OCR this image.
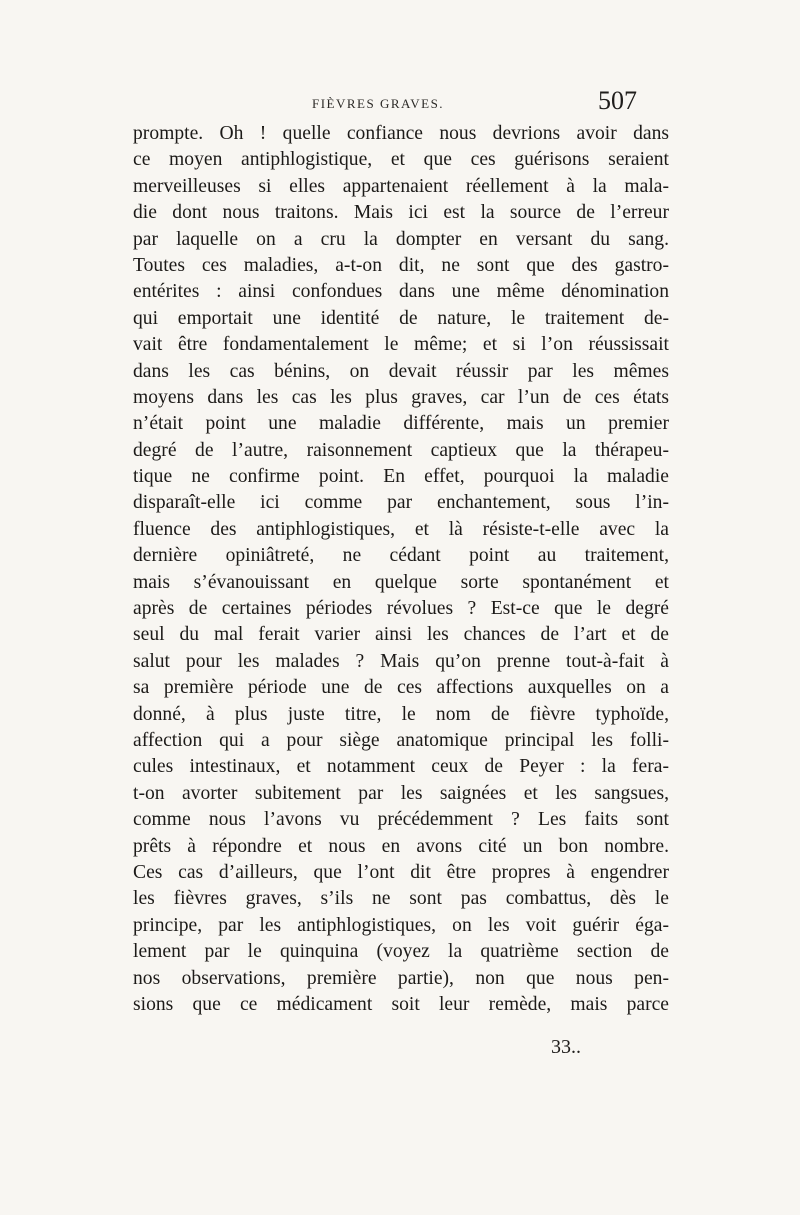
FIÈVRES GRAVES.	507
prompte. Oh ! quelle confiance nous devrions avoir dans
ce moyen antiphlogistique, et que ces guérisons seraient
merveilleuses si elles appartenaient réellement à la mala-
die dont nous traitons. Mais ici est la source de l’erreur
par laquelle on a cru la dompter en versant du sang.
Toutes ces maladies, a-t-on dit, ne sont que des gastro-
entérites : ainsi confondues dans une même dénomination
qui emportait une identité de nature, le traitement de-
vait être fondamentalement le même; et si l’on réussissait
dans les cas bénins, on devait réussir par les mêmes
moyens dans les cas les plus graves, car l’un de ces états
n’était point une maladie différente, mais un premier
degré de l’autre, raisonnement captieux que la thérapeu-
tique ne confirme point. En effet, pourquoi la maladie
disparaît-elle ici comme par enchantement, sous l’in-
fluence des antiphlogistiques, et là résiste-t-elle avec la
dernière opiniâtreté, ne cédant point au traitement,
mais s’évanouissant en quelque sorte spontanément et
après de certaines périodes révolues ? Est-ce que le degré
seul du mal ferait varier ainsi les chances de l’art et de
salut pour les malades ? Mais qu’on prenne tout-à-fait à
sa première période une de ces affections auxquelles on a
donné, à plus juste titre, le nom de fièvre typhoïde,
affection qui a pour siège anatomique principal les folli-
cules intestinaux, et notamment ceux de Peyer : la fera-
t-on avorter subitement par les saignées et les sangsues,
comme nous l’avons vu précédemment ? Les faits sont
prêts à répondre et nous en avons cité un bon nombre.
Ces cas d’ailleurs, que l’ont dit être propres à engendrer
les fièvres graves, s’ils ne sont pas combattus, dès le
principe, par les antiphlogistiques, on les voit guérir éga-
lement par le quinquina (voyez la quatrième section de
nos observations, première partie), non que nous pen-
sions que ce médicament soit leur remède, mais parce
33..
